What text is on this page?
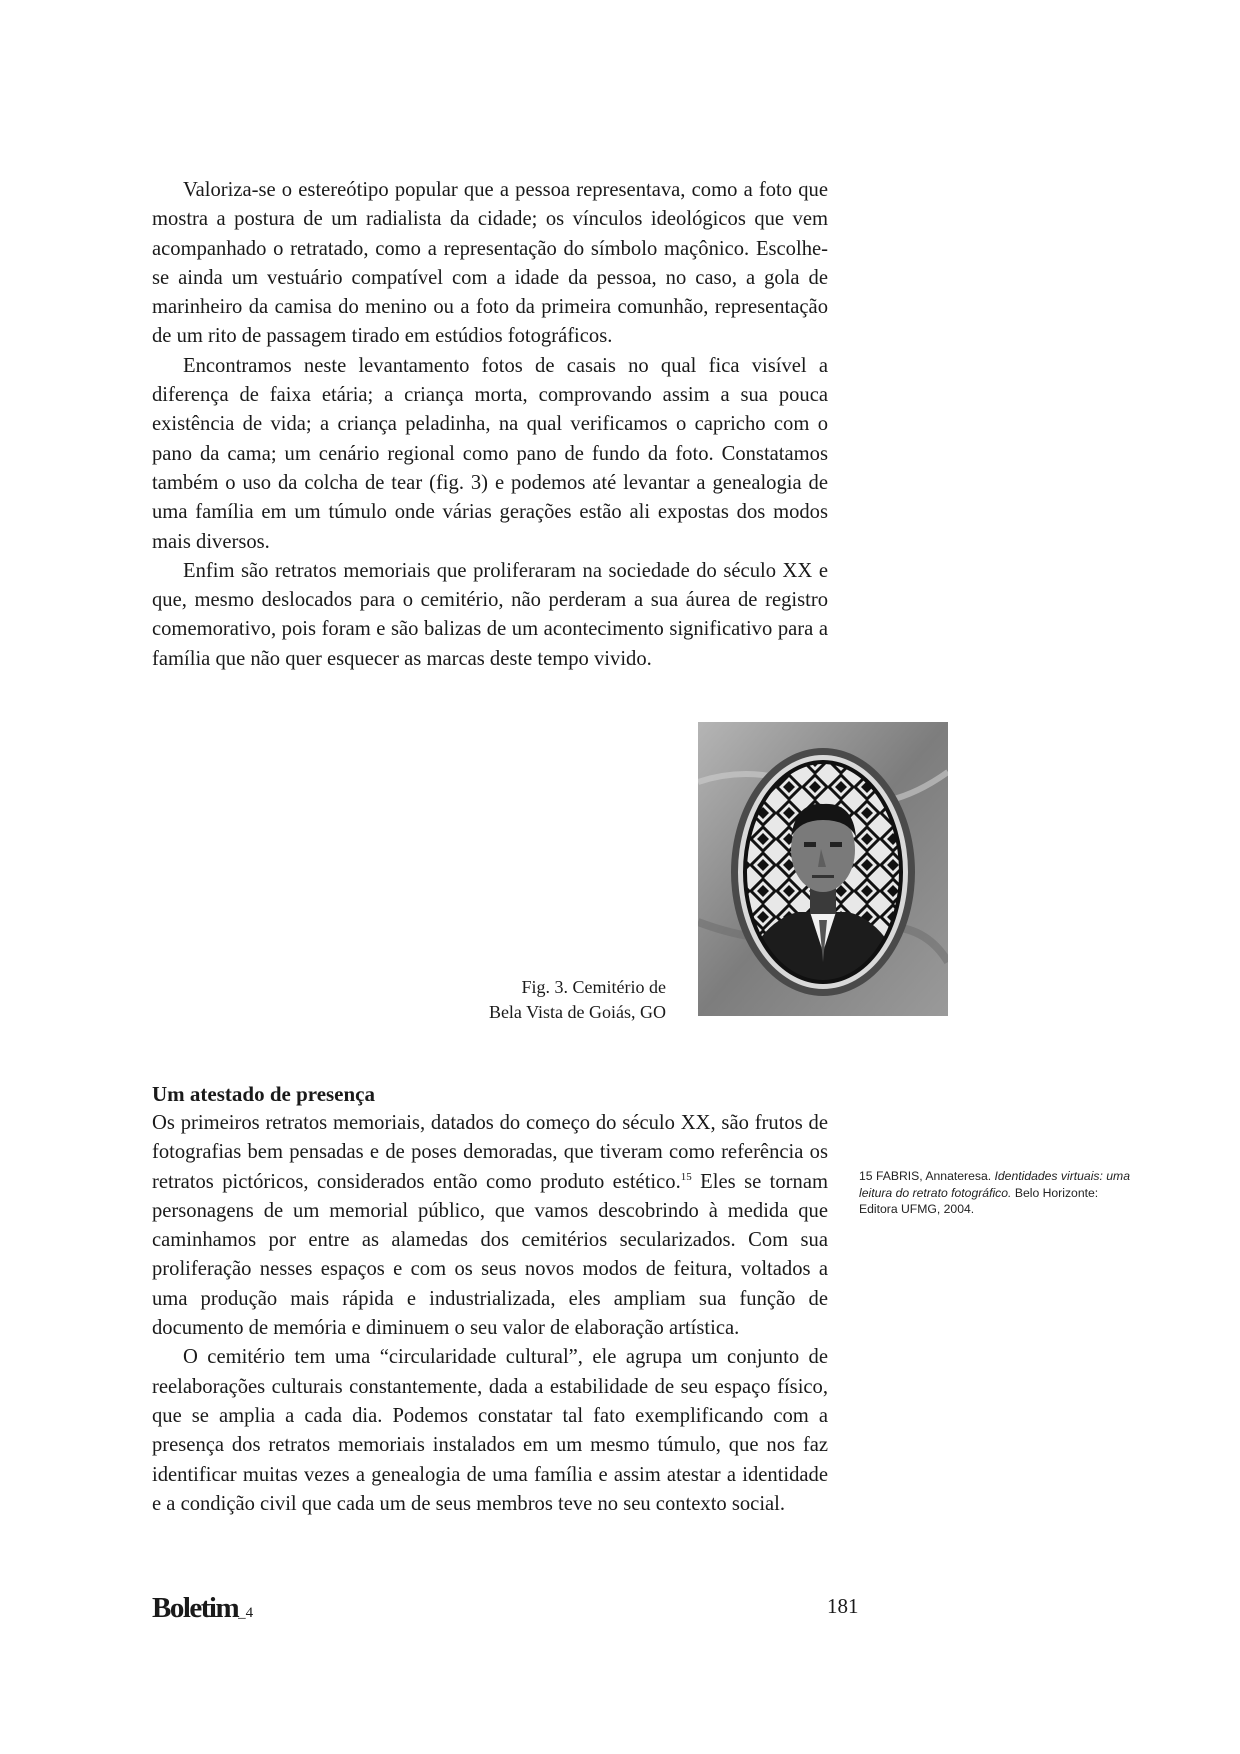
Valoriza-se o estereótipo popular que a pessoa representava, como a foto que mostra a postura de um radialista da cidade; os vínculos ideológicos que vem acompanhado o retratado, como a representação do símbolo maçônico. Escolhe-se ainda um vestuário compatível com a idade da pessoa, no caso, a gola de marinheiro da camisa do menino ou a foto da primeira comunhão, representação de um rito de passagem tirado em estúdios fotográficos.

Encontramos neste levantamento fotos de casais no qual fica visível a diferença de faixa etária; a criança morta, comprovando assim a sua pouca existência de vida; a criança peladinha, na qual verificamos o capricho com o pano da cama; um cenário regional como pano de fundo da foto. Constatamos também o uso da colcha de tear (fig. 3) e podemos até levantar a genealogia de uma família em um túmulo onde várias gerações estão ali expostas dos modos mais diversos.

Enfim são retratos memoriais que proliferaram na sociedade do século XX e que, mesmo deslocados para o cemitério, não perderam a sua áurea de registro comemorativo, pois foram e são balizas de um acontecimento significativo para a família que não quer esquecer as marcas deste tempo vivido.

Fig. 3. Cemitério de
Bela Vista de Goiás, GO
Um atestado de presença

Os primeiros retratos memoriais, datados do começo do século XX, são frutos de fotografias bem pensadas e de poses demoradas, que tiveram como referência os retratos pictóricos, considerados então como produto estético.$^{15}$ Eles se tornam personagens de um memorial público, que vamos descobrindo à medida que caminhamos por entre as alamedas dos cemitérios secularizados. Com sua proliferação nesses espaços e com os seus novos modos de feitura, voltados a uma produção mais rápida e industrializada, eles ampliam sua função de documento de memória e diminuem o seu valor de elaboração artística.

O cemitério tem uma “circularidade cultural”, ele agrupa um conjunto de reelaborações culturais constantemente, dada a estabilidade de seu espaço físico, que se amplia a cada dia. Podemos constatar tal fato exemplificando com a presença dos retratos memoriais instalados em um mesmo túmulo, que nos faz identificar muitas vezes a genealogia de uma família e assim atestar a identidade e a condição civil que cada um de seus membros teve no seu contexto social.

15 FABRIS, Annateresa. Identidades virtuais: uma leitura do retrato fotográfico. Belo Horizonte: Editora UFMG, 2004.
Boletim_4	181
